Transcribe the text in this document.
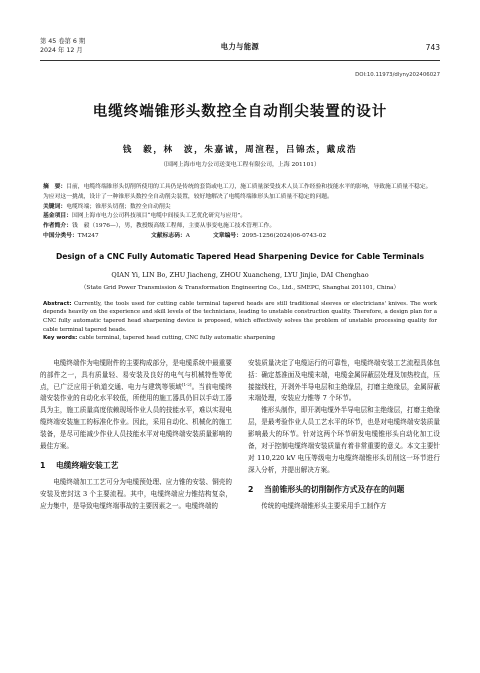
第 45 卷第 6 期
2024 年 12 月	电力与能源	743
DOI:10.11973/dlyny202406027
电缆终端锥形头数控全自动削尖装置的设计
钱　毅，林　波，朱嘉诚，周渲程，吕锦杰，戴成浩
（国网上海市电力公司送变电工程有限公司，上海 201101）

摘　要：目前，电缆终端锥形头切削所使用的工具仍是传统的套筒或电工刀，施工质量深受技术人员工作经验和技能水平的影响，导致施工质量不稳定。为应对这一挑战，设计了一种锥形头数控全自动削尖装置，较好地解决了电缆终端锥形头加工质量不稳定的问题。

关键词：电缆终端；锥形头切削；数控全自动削尖

基金项目：国网上海市电力公司科技项目“电缆中间接头工艺优化研究与应用”。

作者简介：钱　毅（1976—），男，教授级高级工程师，主要从事变电施工技术管理工作。

中国分类号：TM247	文献标志码：A	文章编号：2095-1256(2024)06-0743-02

Design of a CNC Fully Automatic Tapered Head Sharpening Device for Cable Terminals
QIAN Yi, LIN Bo, ZHU Jiacheng, ZHOU Xuancheng, LYU Jinjie, DAI Chenghao
（State Grid Power Transmission & Transformation Engineering Co., Ltd., SMEPC, Shanghai 201101, China）

Abstract: Currently, the tools used for cutting cable terminal tapered heads are still traditional sleeves or electricians' knives. The work depends heavily on the experience and skill levels of the technicians, leading to unstable construction quality. Therefore, a design plan for a CNC fully automatic tapered head sharpening device is proposed, which effectively solves the problem of unstable processing quality for cable terminal tapered heads.

Key words: cable terminal, tapered head cutting, CNC fully automatic sharpening

电缆终端作为电缆附件的主要构成部分，是电缆系统中最重要的部件之一，具有质量轻、易安装及良好的电气与机械特性等优点，已广泛应用于轨道交通、电力与建筑等领域[1-2]。当前电缆终端安装作业的自动化水平较低，所使用的施工器具仍旧以手动工器具为主，施工质量高度依赖现场作业人员的技能水平，难以实现电缆终端安装施工的标准化作业。因此，采用自动化、机械化的施工装备，是尽可能减少作业人员技能水平对电缆终端安装质量影响的最佳方案。

1	电缆终端安装工艺

电缆终端加工工艺可分为电缆预处理、应力锥的安装、铜壳的安装及密封这 3 个主要流程。其中，电缆终端应力锥结构复杂，应力集中，是导致电缆终端事故的主要因素之一。电缆终端的

安装质量决定了电缆运行的可靠性，电缆终端安装工艺流程具体包括：确定基准面及电缆末端，电缆金属屏蔽层处理及加热校直，压接接线柱，开剥外半导电层和主绝缘层，打磨主绝缘层，金属屏蔽末端处理，安装应力锥等 7 个环节。

锥形头制作，即开剥电缆外半导电层和主绝缘层，打磨主绝缘层，是最考验作业人员工艺水平的环节，也是对电缆终端安装质量影响最大的环节。针对这两个环节研发电缆锥形头自动化加工设备，对于控制电缆终端安装质量有着非常重要的意义。本文主要针对 110,220 kV 电压等级电力电缆终端锥形头切削这一环节进行深入分析，并提出解决方案。

2	当前锥形头的切削制作方式及存在的问题

传统的电缆终端锥形头主要采用手工制作方
